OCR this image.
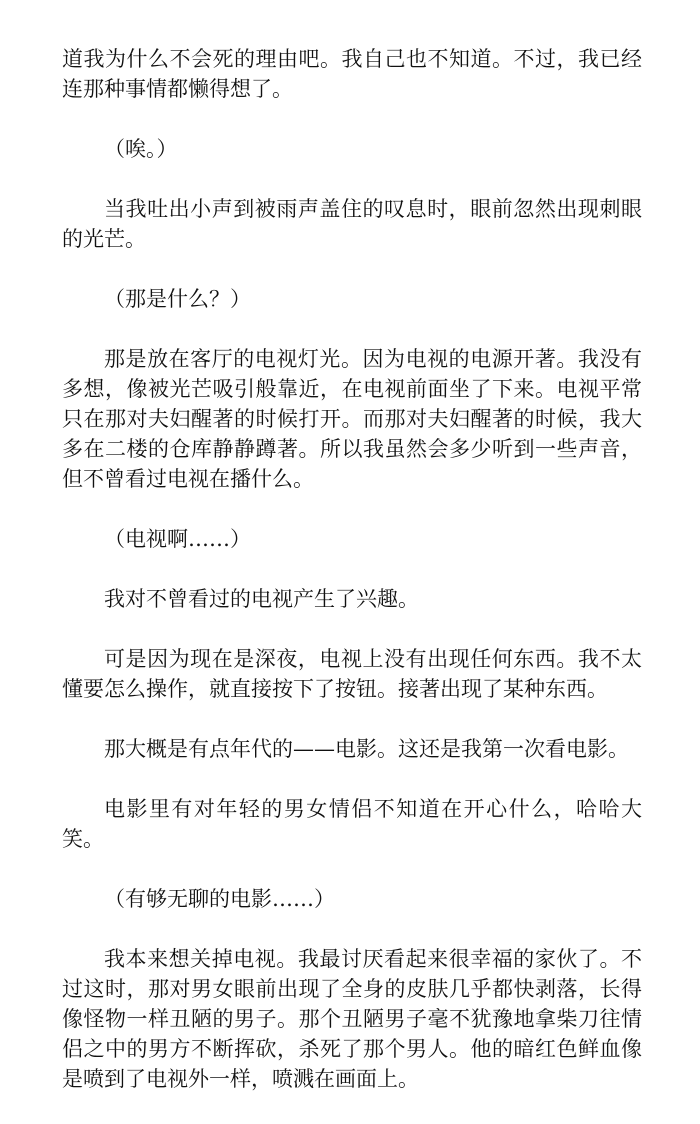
道我为什么不会死的理由吧。我自己也不知道。不过，我已经连那种事情都懒得想了。

（唉。）

当我吐出小声到被雨声盖住的叹息时，眼前忽然出现刺眼的光芒。

（那是什么？）

那是放在客厅的电视灯光。因为电视的电源开著。我没有多想，像被光芒吸引般靠近，在电视前面坐了下来。电视平常只在那对夫妇醒著的时候打开。而那对夫妇醒著的时候，我大多在二楼的仓库静静蹲著。所以我虽然会多少听到一些声音，但不曾看过电视在播什么。

（电视啊……）

我对不曾看过的电视产生了兴趣。

可是因为现在是深夜，电视上没有出现任何东西。我不太懂要怎么操作，就直接按下了按钮。接著出现了某种东西。

那大概是有点年代的——电影。这还是我第一次看电影。

电影里有对年轻的男女情侣不知道在开心什么，哈哈大笑。

（有够无聊的电影……）

我本来想关掉电视。我最讨厌看起来很幸福的家伙了。不过这时，那对男女眼前出现了全身的皮肤几乎都快剥落，长得像怪物一样丑陋的男子。那个丑陋男子毫不犹豫地拿柴刀往情侣之中的男方不断挥砍，杀死了那个男人。他的暗红色鲜血像是喷到了电视外一样，喷溅在画面上。
